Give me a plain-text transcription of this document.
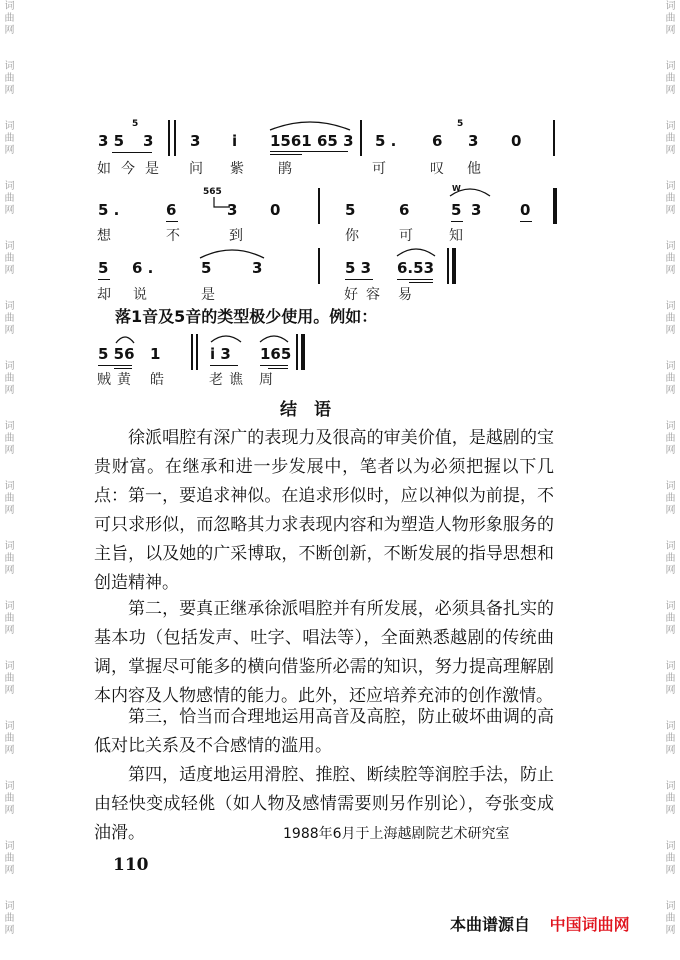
词曲网
词曲网
词曲网
词曲网
词曲网
词曲网
词曲网
词曲网
词曲网
词曲网
词曲网
词曲网
词曲网
词曲网
词曲网
词曲网
词曲网
词曲网
词曲网
词曲网
词曲网
词曲网
词曲网
词曲网
词曲网
词曲网
词曲网
词曲网
词曲网
词曲网
词曲网
词曲网
3 5
5
3 3 i 1561 65 3 5 . 6
5
3 0
如今是 问 紫 鹃	可	叹 他
5 .	6
565
3 0	5	6
W
5 3	0
想	不	到	你	可	知
5 6 .	5	3	5 3 6.53
却 说	是	好容 易
落1音及5音的类型极少使用。例如：
5 56 1	i 3 165
贼黄 皓	老谯 周
结　语
徐派唱腔有深广的表现力及很高的审美价值，是越剧的宝贵财富。在继承和进一步发展中，笔者以为必须把握以下几点： 第一，要追求神似。在追求形似时，应以神似为前提，不可只求形似，而忽略其力求表现内容和为塑造人物形象服务的主旨，以及她的广采博取，不断创新，不断发展的指导思想和创造精神。
第二，要真正继承徐派唱腔并有所发展，必须具备扎实的基本功（包括发声、吐字、唱法等），全面熟悉越剧的传统曲调，掌握尽可能多的横向借鉴所必需的知识，努力提高理解剧本内容及人物感情的能力。此外，还应培养充沛的创作激情。
第三，恰当而合理地运用高音及高腔，防止破坏曲调的高低对比关系及不合感情的滥用。
第四，适度地运用滑腔、推腔、断续腔等润腔手法，防止由轻快变成轻佻（如人物及感情需要则另作别论），夸张变成油滑。	1988年6月于上海越剧院艺术研究室
110
本曲谱源自 中国词曲网
